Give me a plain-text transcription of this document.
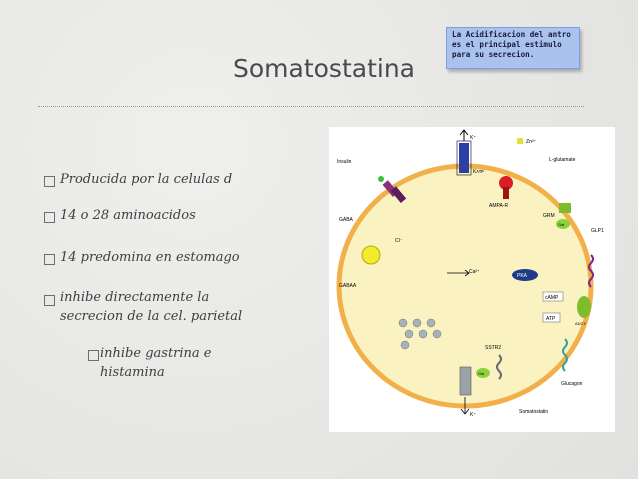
Somatostatina
La Acidificacion del antro es el principal estimulo para su secrecion.
Producida por la celulas d
14 o 28 aminoacidos
14 predomina en estomago
inhibe directamente la
secrecion de la cel. parietal
inhibe gastrina e
histamina
K⁺
Kᴀᴛᴘ
Zn²⁺
Insulin	L-glutamate
AMPA-R
GRM
Gαi
GLP1
GABA
Cl⁻
GABAA
Ca²⁺
PKA
cAMP
ATP
ADCY
Glucagon
SSTR2
Gαi
K⁺	Somatostatin
